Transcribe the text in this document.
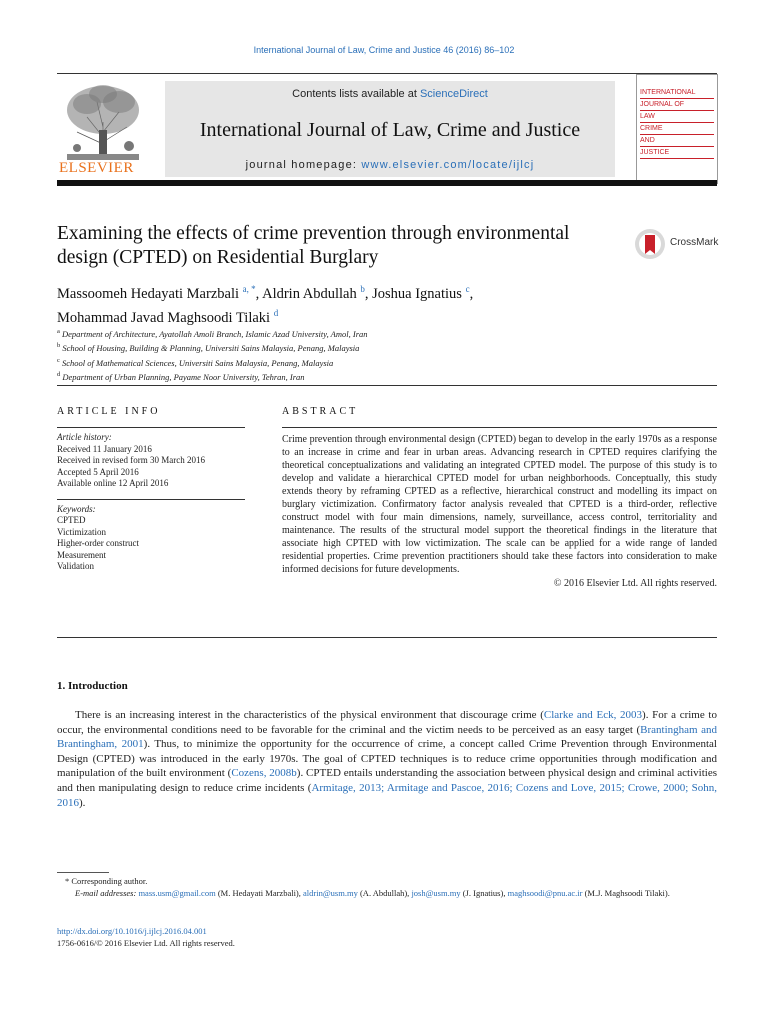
International Journal of Law, Crime and Justice 46 (2016) 86–102
ELSEVIER
Contents lists available at ScienceDirect
International Journal of Law, Crime and Justice
journal homepage: www.elsevier.com/locate/ijlcj
INTERNATIONAL
JOURNAL OF
LAW
CRIME
AND
JUSTICE
Examining the effects of crime prevention through environmental design (CPTED) on Residential Burglary
CrossMark
Massoomeh Hedayati Marzbali $^{a, *}$, Aldrin Abdullah $^b$, Joshua Ignatius $^c$,
Mohammad Javad Maghsoodi Tilaki $^d$
$^a$ Department of Architecture, Ayatollah Amoli Branch, Islamic Azad University, Amol, Iran
$^b$ School of Housing, Building & Planning, Universiti Sains Malaysia, Penang, Malaysia
$^c$ School of Mathematical Sciences, Universiti Sains Malaysia, Penang, Malaysia
$^d$ Department of Urban Planning, Payame Noor University, Tehran, Iran
ARTICLE INFO	ABSTRACT
Article history:
Received 11 January 2016
Received in revised form 30 March 2016
Accepted 5 April 2016
Available online 12 April 2016
Keywords:
CPTED
Victimization
Higher-order construct
Measurement
Validation
Crime prevention through environmental design (CPTED) began to develop in the early 1970s as a response to an increase in crime and fear in urban areas. Advancing research in CPTED requires clarifying the theoretical conceptualizations and validating an integrated CPTED model. The purpose of this study is to develop and validate a hierarchical CPTED model for urban neighborhoods. Conceptually, this study extends theory by reframing CPTED as a reflective, hierarchical construct and modelling its impact on burglary victimization. Confirmatory factor analysis revealed that CPTED is a third-order, reflective construct model with four main dimensions, namely, surveillance, access control, territoriality and maintenance. The results of the structural model support the theoretical findings in the literature that associate high CPTED with low victimization. The scale can be applied for a wide range of landed residential properties. Crime prevention practitioners should take these factors into consideration to make informed decisions for future developments.
© 2016 Elsevier Ltd. All rights reserved.
1. Introduction
There is an increasing interest in the characteristics of the physical environment that discourage crime (Clarke and Eck, 2003). For a crime to occur, the environmental conditions need to be favorable for the criminal and the victim needs to be perceived as an easy target (Brantingham and Brantingham, 2001). Thus, to minimize the opportunity for the occurrence of crime, a concept called Crime Prevention through Environmental Design (CPTED) was introduced in the early 1970s. The goal of CPTED techniques is to reduce crime opportunities through modification and manipulation of the built environment (Cozens, 2008b). CPTED entails understanding the association between physical design and criminal activities and then manipulating design to reduce crime incidents (Armitage, 2013; Armitage and Pascoe, 2016; Cozens and Love, 2015; Crowe, 2000; Sohn, 2016).
* Corresponding author.
E-mail addresses: mass.usm@gmail.com (M. Hedayati Marzbali), aldrin@usm.my (A. Abdullah), josh@usm.my (J. Ignatius), maghsoodi@pnu.ac.ir (M.J. Maghsoodi Tilaki).
http://dx.doi.org/10.1016/j.ijlcj.2016.04.001
1756-0616/© 2016 Elsevier Ltd. All rights reserved.
